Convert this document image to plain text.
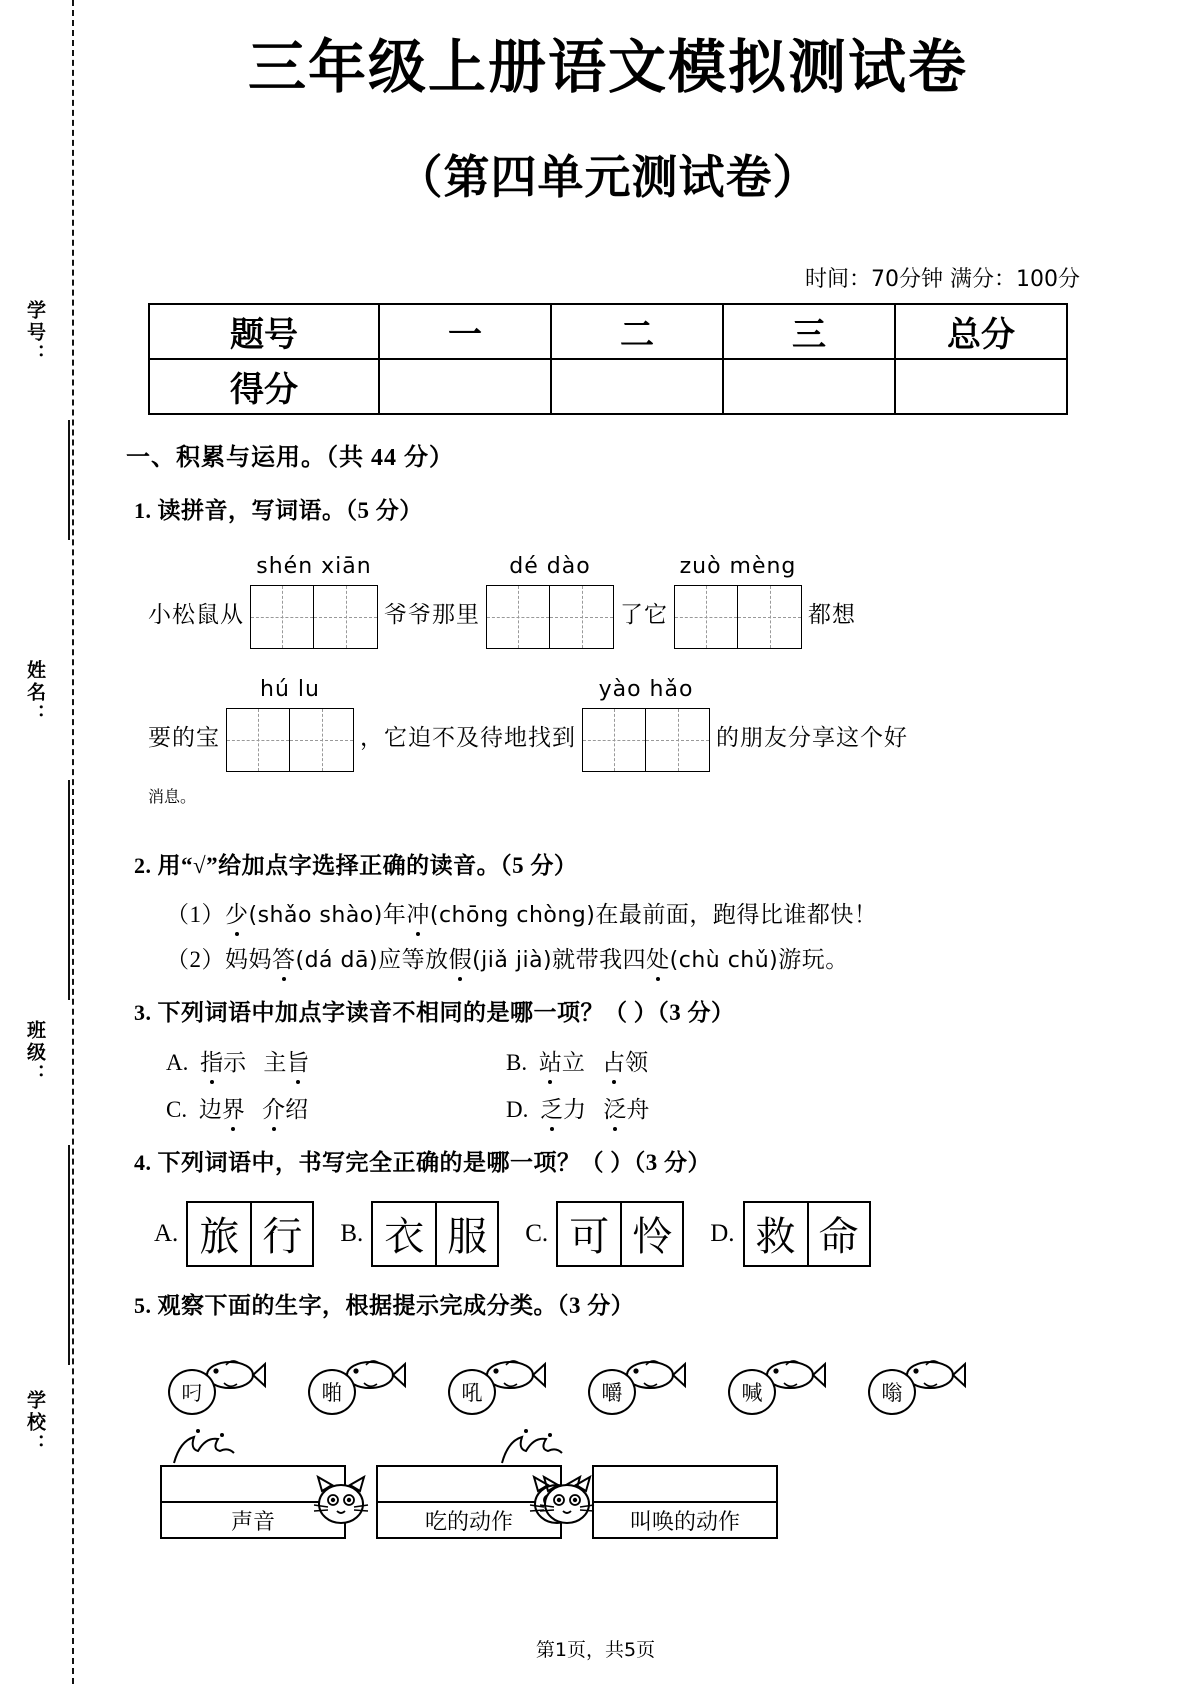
学号：
姓名：
班级：
学校：
三年级上册语文模拟测试卷
（第四单元测试卷）
时间：70分钟 满分：100分
题号	一	二	三	总分
得分				
一、积累与运用。（共 44 分）
1. 读拼音，写词语。（5 分）
小松鼠从
shén xiān
爷爷那里
dé dào
了它
zuò mèng
都想
要的宝
hú lu
，它迫不及待地找到
yào hǎo
的朋友分享这个好
消息。
2. 用“√”给加点字选择正确的读音。（5 分）
（1）少(shǎo shào)年冲(chōng chòng)在最前面，跑得比谁都快！
（2）妈妈答(dá dā)应等放假(jiǎ jià)就带我四处(chù chǔ)游玩。
3. 下列词语中加点字读音不相同的是哪一项？（ ）（3 分）
A. 指示 主旨	B. 站立 占领
C. 边界 介绍	D. 乏力 泛舟
4. 下列词语中，书写完全正确的是哪一项？（ ）（3 分）
A. 旅 行	B. 衣 服	C. 可 怜	D. 救 命
5. 观察下面的生字，根据提示完成分类。（3 分）
叼	啪	吼	嚼	喊	嗡
声音	吃的动作	叫唤的动作
第1页，共5页
